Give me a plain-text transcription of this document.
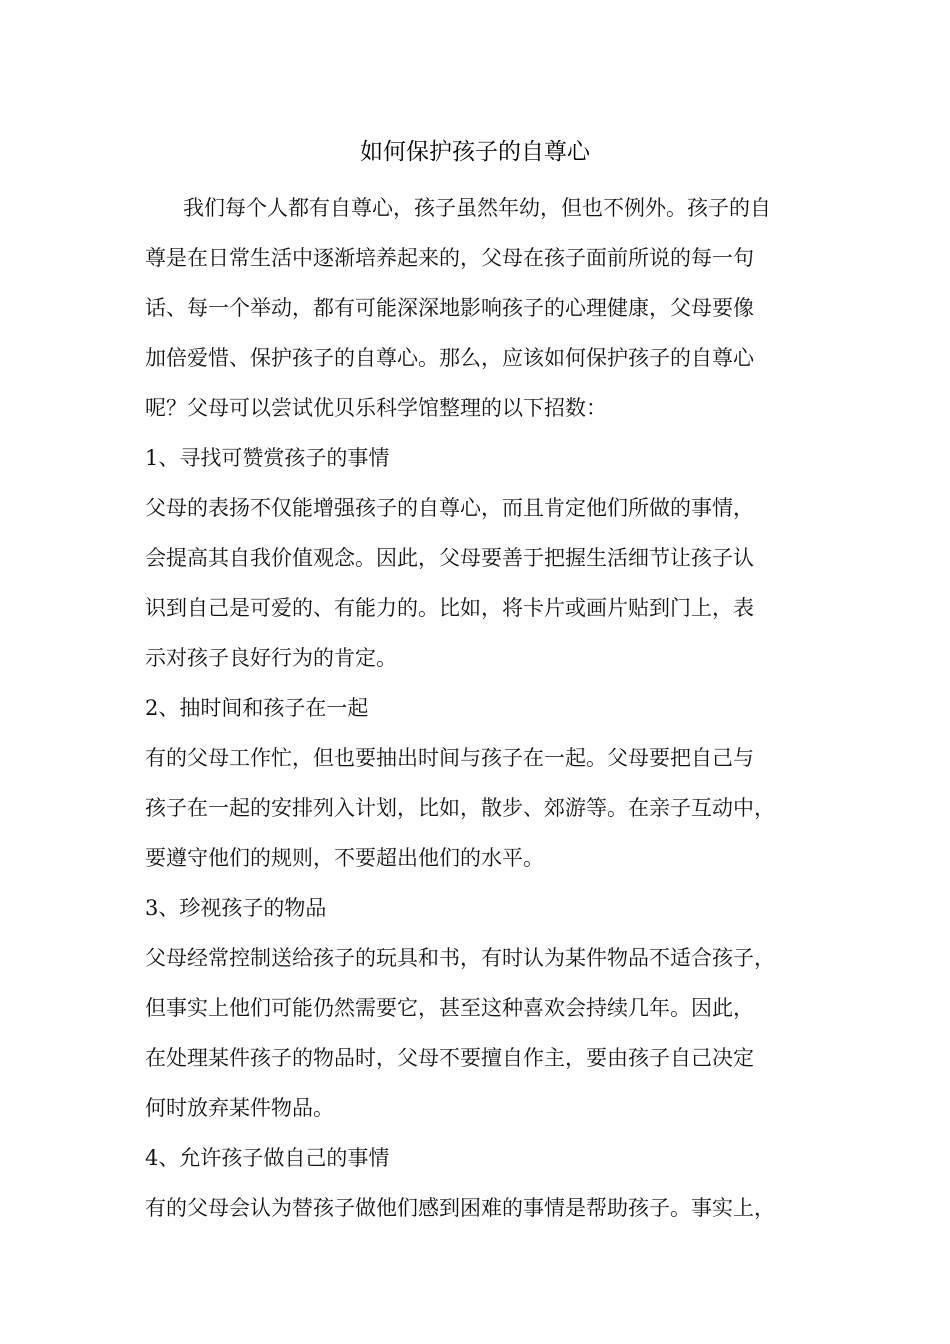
如何保护孩子的自尊心
我们每个人都有自尊心，孩子虽然年幼，但也不例外。孩子的自
尊是在日常生活中逐渐培养起来的，父母在孩子面前所说的每一句
话、每一个举动，都有可能深深地影响孩子的心理健康，父母要像
加倍爱惜、保护孩子的自尊心。那么，应该如何保护孩子的自尊心
呢？父母可以尝试优贝乐科学馆整理的以下招数：
1、寻找可赞赏孩子的事情
父母的表扬不仅能增强孩子的自尊心，而且肯定他们所做的事情，
会提高其自我价值观念。因此，父母要善于把握生活细节让孩子认
识到自己是可爱的、有能力的。比如，将卡片或画片贴到门上，表
示对孩子良好行为的肯定。
2、抽时间和孩子在一起
有的父母工作忙，但也要抽出时间与孩子在一起。父母要把自己与
孩子在一起的安排列入计划，比如，散步、郊游等。在亲子互动中，
要遵守他们的规则，不要超出他们的水平。
3、珍视孩子的物品
父母经常控制送给孩子的玩具和书，有时认为某件物品不适合孩子，
但事实上他们可能仍然需要它，甚至这种喜欢会持续几年。因此，
在处理某件孩子的物品时，父母不要擅自作主，要由孩子自己决定
何时放弃某件物品。
4、允许孩子做自己的事情
有的父母会认为替孩子做他们感到困难的事情是帮助孩子。事实上，
